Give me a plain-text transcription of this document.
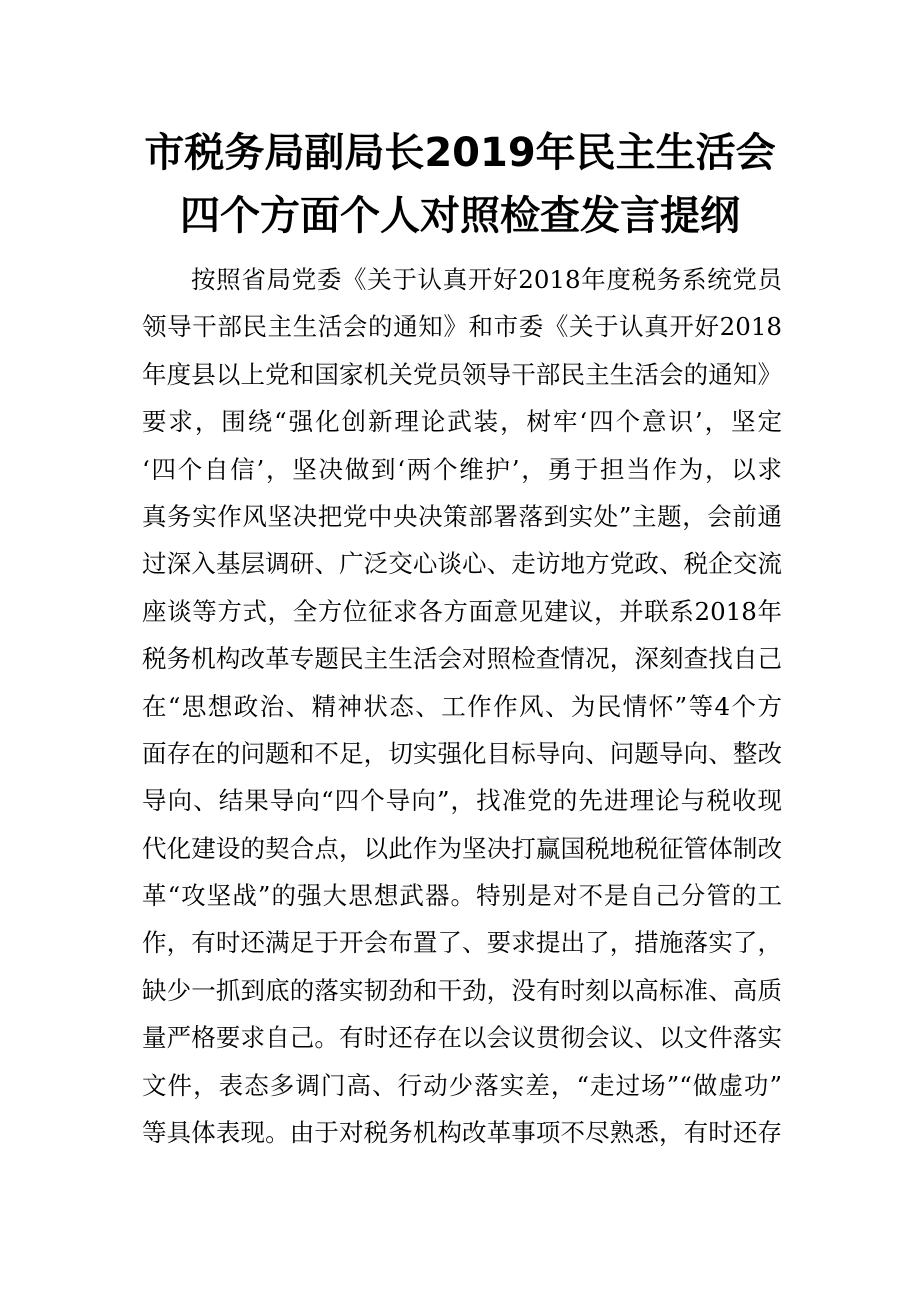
市税务局副局长2019年民主生活会
四个方面个人对照检查发言提纲
按照省局党委《关于认真开好2018年度税务系统党员
领导干部民主生活会的通知》和市委《关于认真开好2018
年度县以上党和国家机关党员领导干部民主生活会的通知》
要求，围绕“强化创新理论武装，树牢‘四个意识’，坚定
‘四个自信’，坚决做到‘两个维护’，勇于担当作为，以求
真务实作风坚决把党中央决策部署落到实处”主题，会前通
过深入基层调研、广泛交心谈心、走访地方党政、税企交流
座谈等方式，全方位征求各方面意见建议，并联系2018年
税务机构改革专题民主生活会对照检查情况，深刻查找自己
在“思想政治、精神状态、工作作风、为民情怀”等4个方
面存在的问题和不足，切实强化目标导向、问题导向、整改
导向、结果导向“四个导向”，找准党的先进理论与税收现
代化建设的契合点，以此作为坚决打赢国税地税征管体制改
革“攻坚战”的强大思想武器。特别是对不是自己分管的工
作，有时还满足于开会布置了、要求提出了，措施落实了，
缺少一抓到底的落实韧劲和干劲，没有时刻以高标准、高质
量严格要求自己。有时还存在以会议贯彻会议、以文件落实
文件，表态多调门高、行动少落实差，“走过场”“做虚功”
等具体表现。由于对税务机构改革事项不尽熟悉，有时还存
